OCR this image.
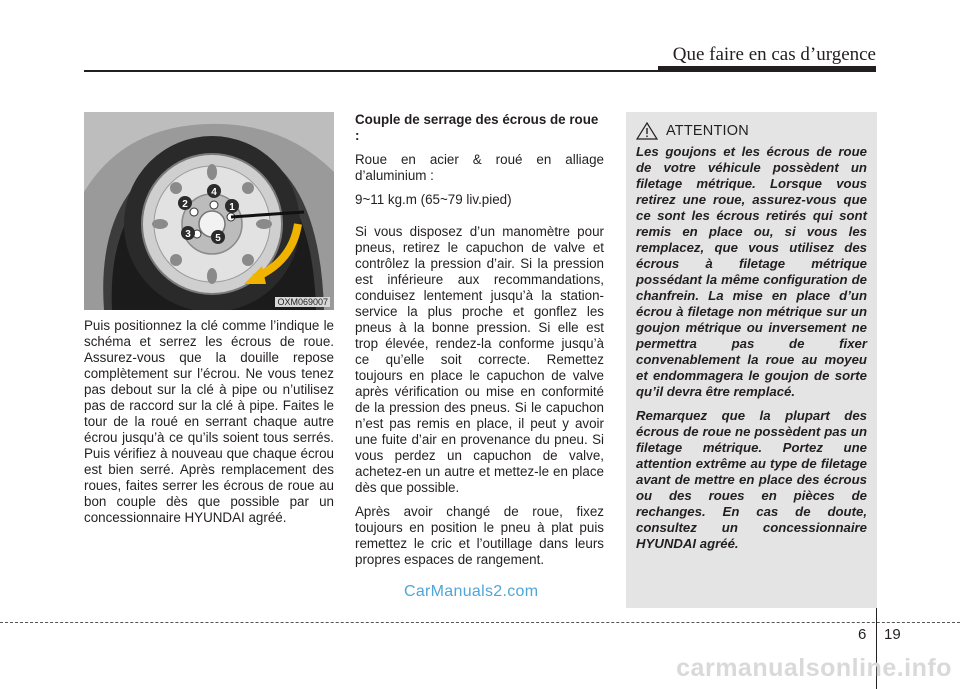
Que faire en cas d’urgence
1
2
3
4
5
OXM069007

Puis positionnez la clé comme l’indique le schéma et serrez les écrous de roue. Assurez-vous que la douille repose complètement sur l’écrou. Ne vous tenez pas debout sur la clé à pipe ou n’utilisez pas de raccord sur la clé à pipe. Faites le tour de la roué en serrant chaque autre écrou jusqu’à ce qu’ils soient tous serrés. Puis vérifiez à nouveau que chaque écrou est bien serré. Après remplacement des roues, faites serrer les écrous de roue au bon couple dès que possible par un concessionnaire HYUNDAI agréé.

Couple de serrage des écrous de roue :

Roue en acier & roué en alliage d’aluminium :

9~11 kg.m (65~79 liv.pied)

Si vous disposez d’un manomètre pour pneus, retirez le capuchon de valve et contrôlez la pression d’air. Si la pression est inférieure aux recommandations, conduisez lentement jusqu’à la station-service la plus proche et gonflez les pneus à la bonne pression. Si elle est trop élevée, rendez-la conforme jusqu’à ce qu’elle soit correcte. Remettez toujours en place le capuchon de valve après vérification ou mise en conformité de la pression des pneus. Si le capuchon n’est pas remis en place, il peut y avoir une fuite d’air en provenance du pneu. Si vous perdez un capuchon de valve, achetez-en un autre et mettez-le en place dès que possible.

Après avoir changé de roue, fixez toujours en position le pneu à plat puis remettez le cric et l’outillage dans leurs propres espaces de rangement.

ATTENTION

Les goujons et les écrous de roue de votre véhicule possèdent un filetage métrique. Lorsque vous retirez une roue, assurez-vous que ce sont les écrous retirés qui sont remis en place ou, si vous les remplacez, que vous utilisez des écrous à filetage métrique possédant la même configuration de chanfrein. La mise en place d’un écrou à filetage non métrique sur un goujon métrique ou inversement ne permettra pas de fixer convenablement la roue au moyeu et endommagera le goujon de sorte qu’il devra être remplacé.

Remarquez que la plupart des écrous de roue ne possèdent pas un filetage métrique. Portez une attention extrême au type de filetage avant de mettre en place des écrous ou des roues en pièces de rechanges. En cas de doute, consultez un concessionnaire HYUNDAI agréé.

CarManuals2.com
6 19
carmanualsonline.info
